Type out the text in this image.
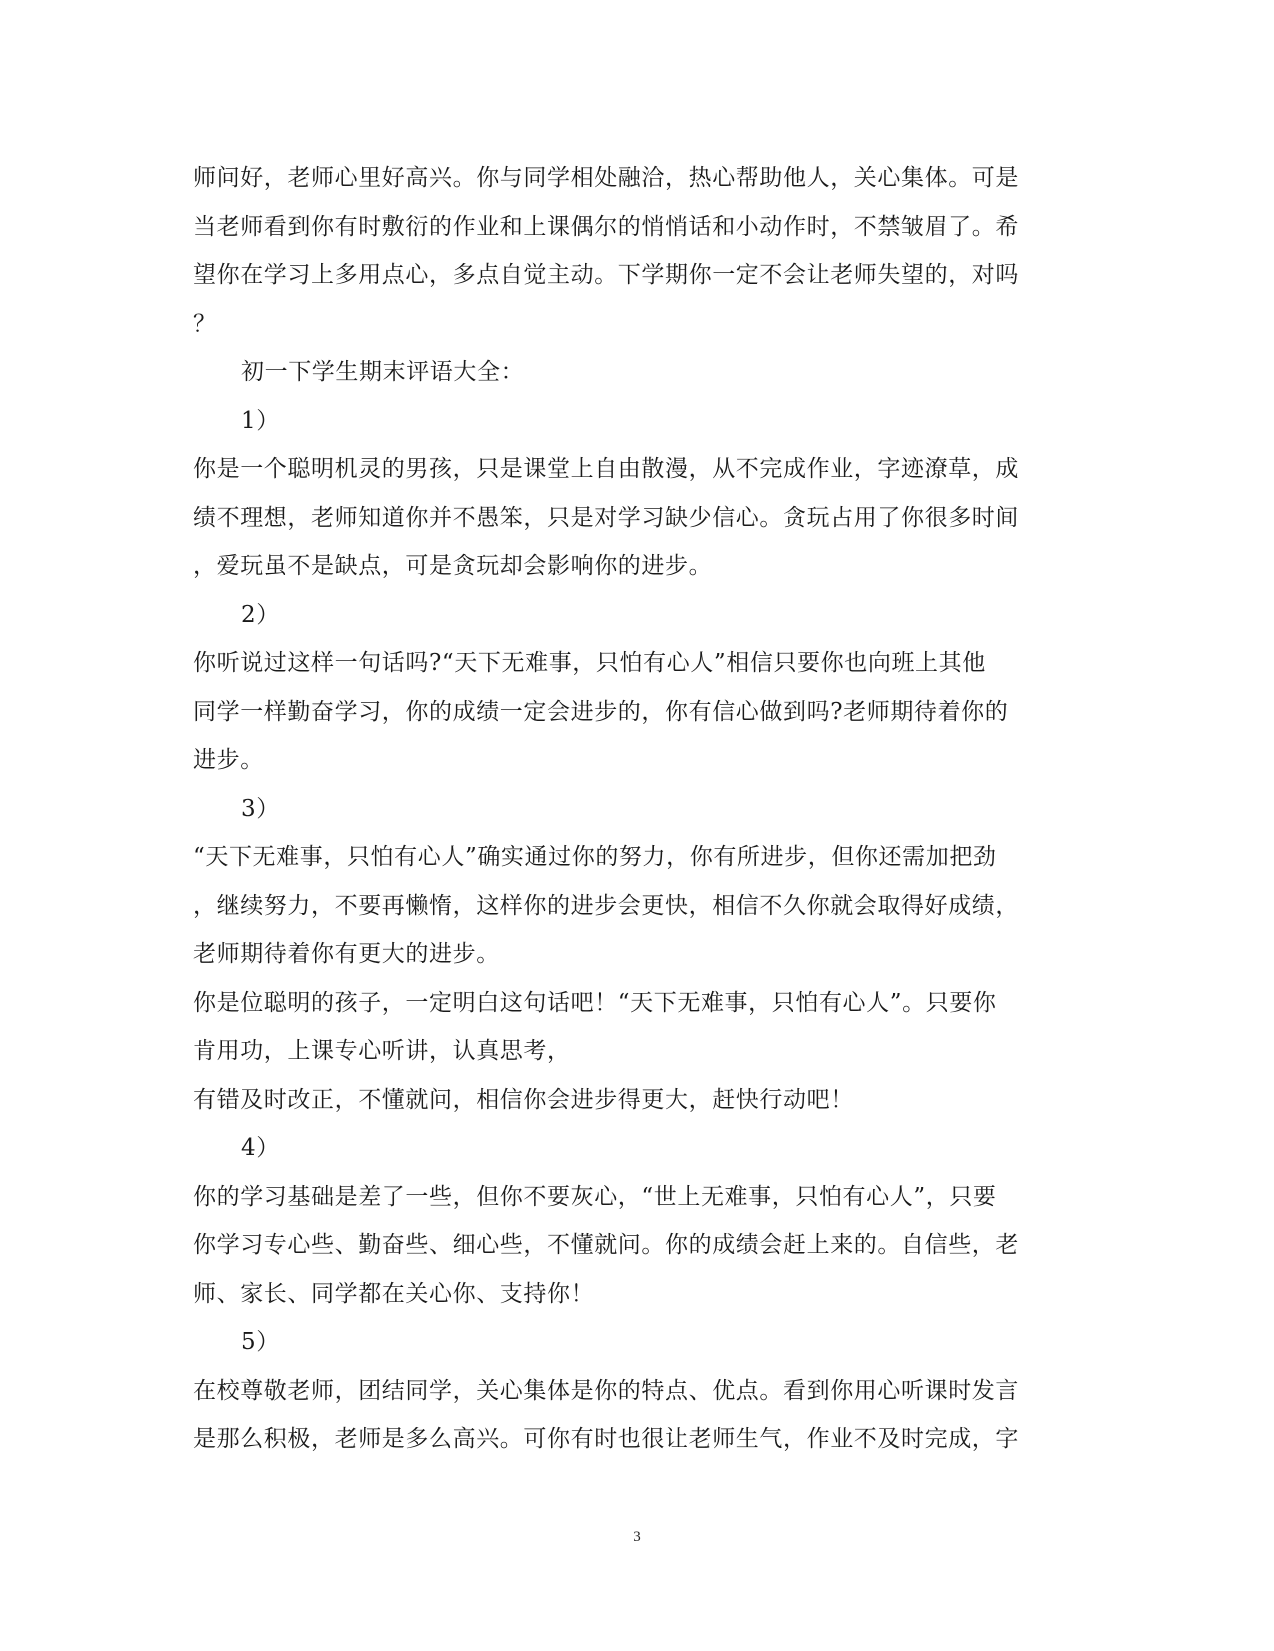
师问好，老师心里好高兴。你与同学相处融洽，热心帮助他人，关心集体。可是
当老师看到你有时敷衍的作业和上课偶尔的悄悄话和小动作时，不禁皱眉了。希
望你在学习上多用点心，多点自觉主动。下学期你一定不会让老师失望的，对吗
？
初一下学生期末评语大全：
1）
你是一个聪明机灵的男孩，只是课堂上自由散漫，从不完成作业，字迹潦草，成
绩不理想，老师知道你并不愚笨，只是对学习缺少信心。贪玩占用了你很多时间
，爱玩虽不是缺点，可是贪玩却会影响你的进步。
2）
你听说过这样一句话吗?“天下无难事，只怕有心人”相信只要你也向班上其他
同学一样勤奋学习，你的成绩一定会进步的，你有信心做到吗?老师期待着你的
进步。
3）
“天下无难事，只怕有心人”确实通过你的努力，你有所进步，但你还需加把劲
，继续努力，不要再懒惰，这样你的进步会更快，相信不久你就会取得好成绩，
老师期待着你有更大的进步。
你是位聪明的孩子，一定明白这句话吧！“天下无难事，只怕有心人”。只要你
肯用功，上课专心听讲，认真思考，
有错及时改正，不懂就问，相信你会进步得更大，赶快行动吧！
4）
你的学习基础是差了一些，但你不要灰心，“世上无难事，只怕有心人”，只要
你学习专心些、勤奋些、细心些，不懂就问。你的成绩会赶上来的。自信些，老
师、家长、同学都在关心你、支持你！
5）
在校尊敬老师，团结同学，关心集体是你的特点、优点。看到你用心听课时发言
是那么积极，老师是多么高兴。可你有时也很让老师生气，作业不及时完成，字
3
